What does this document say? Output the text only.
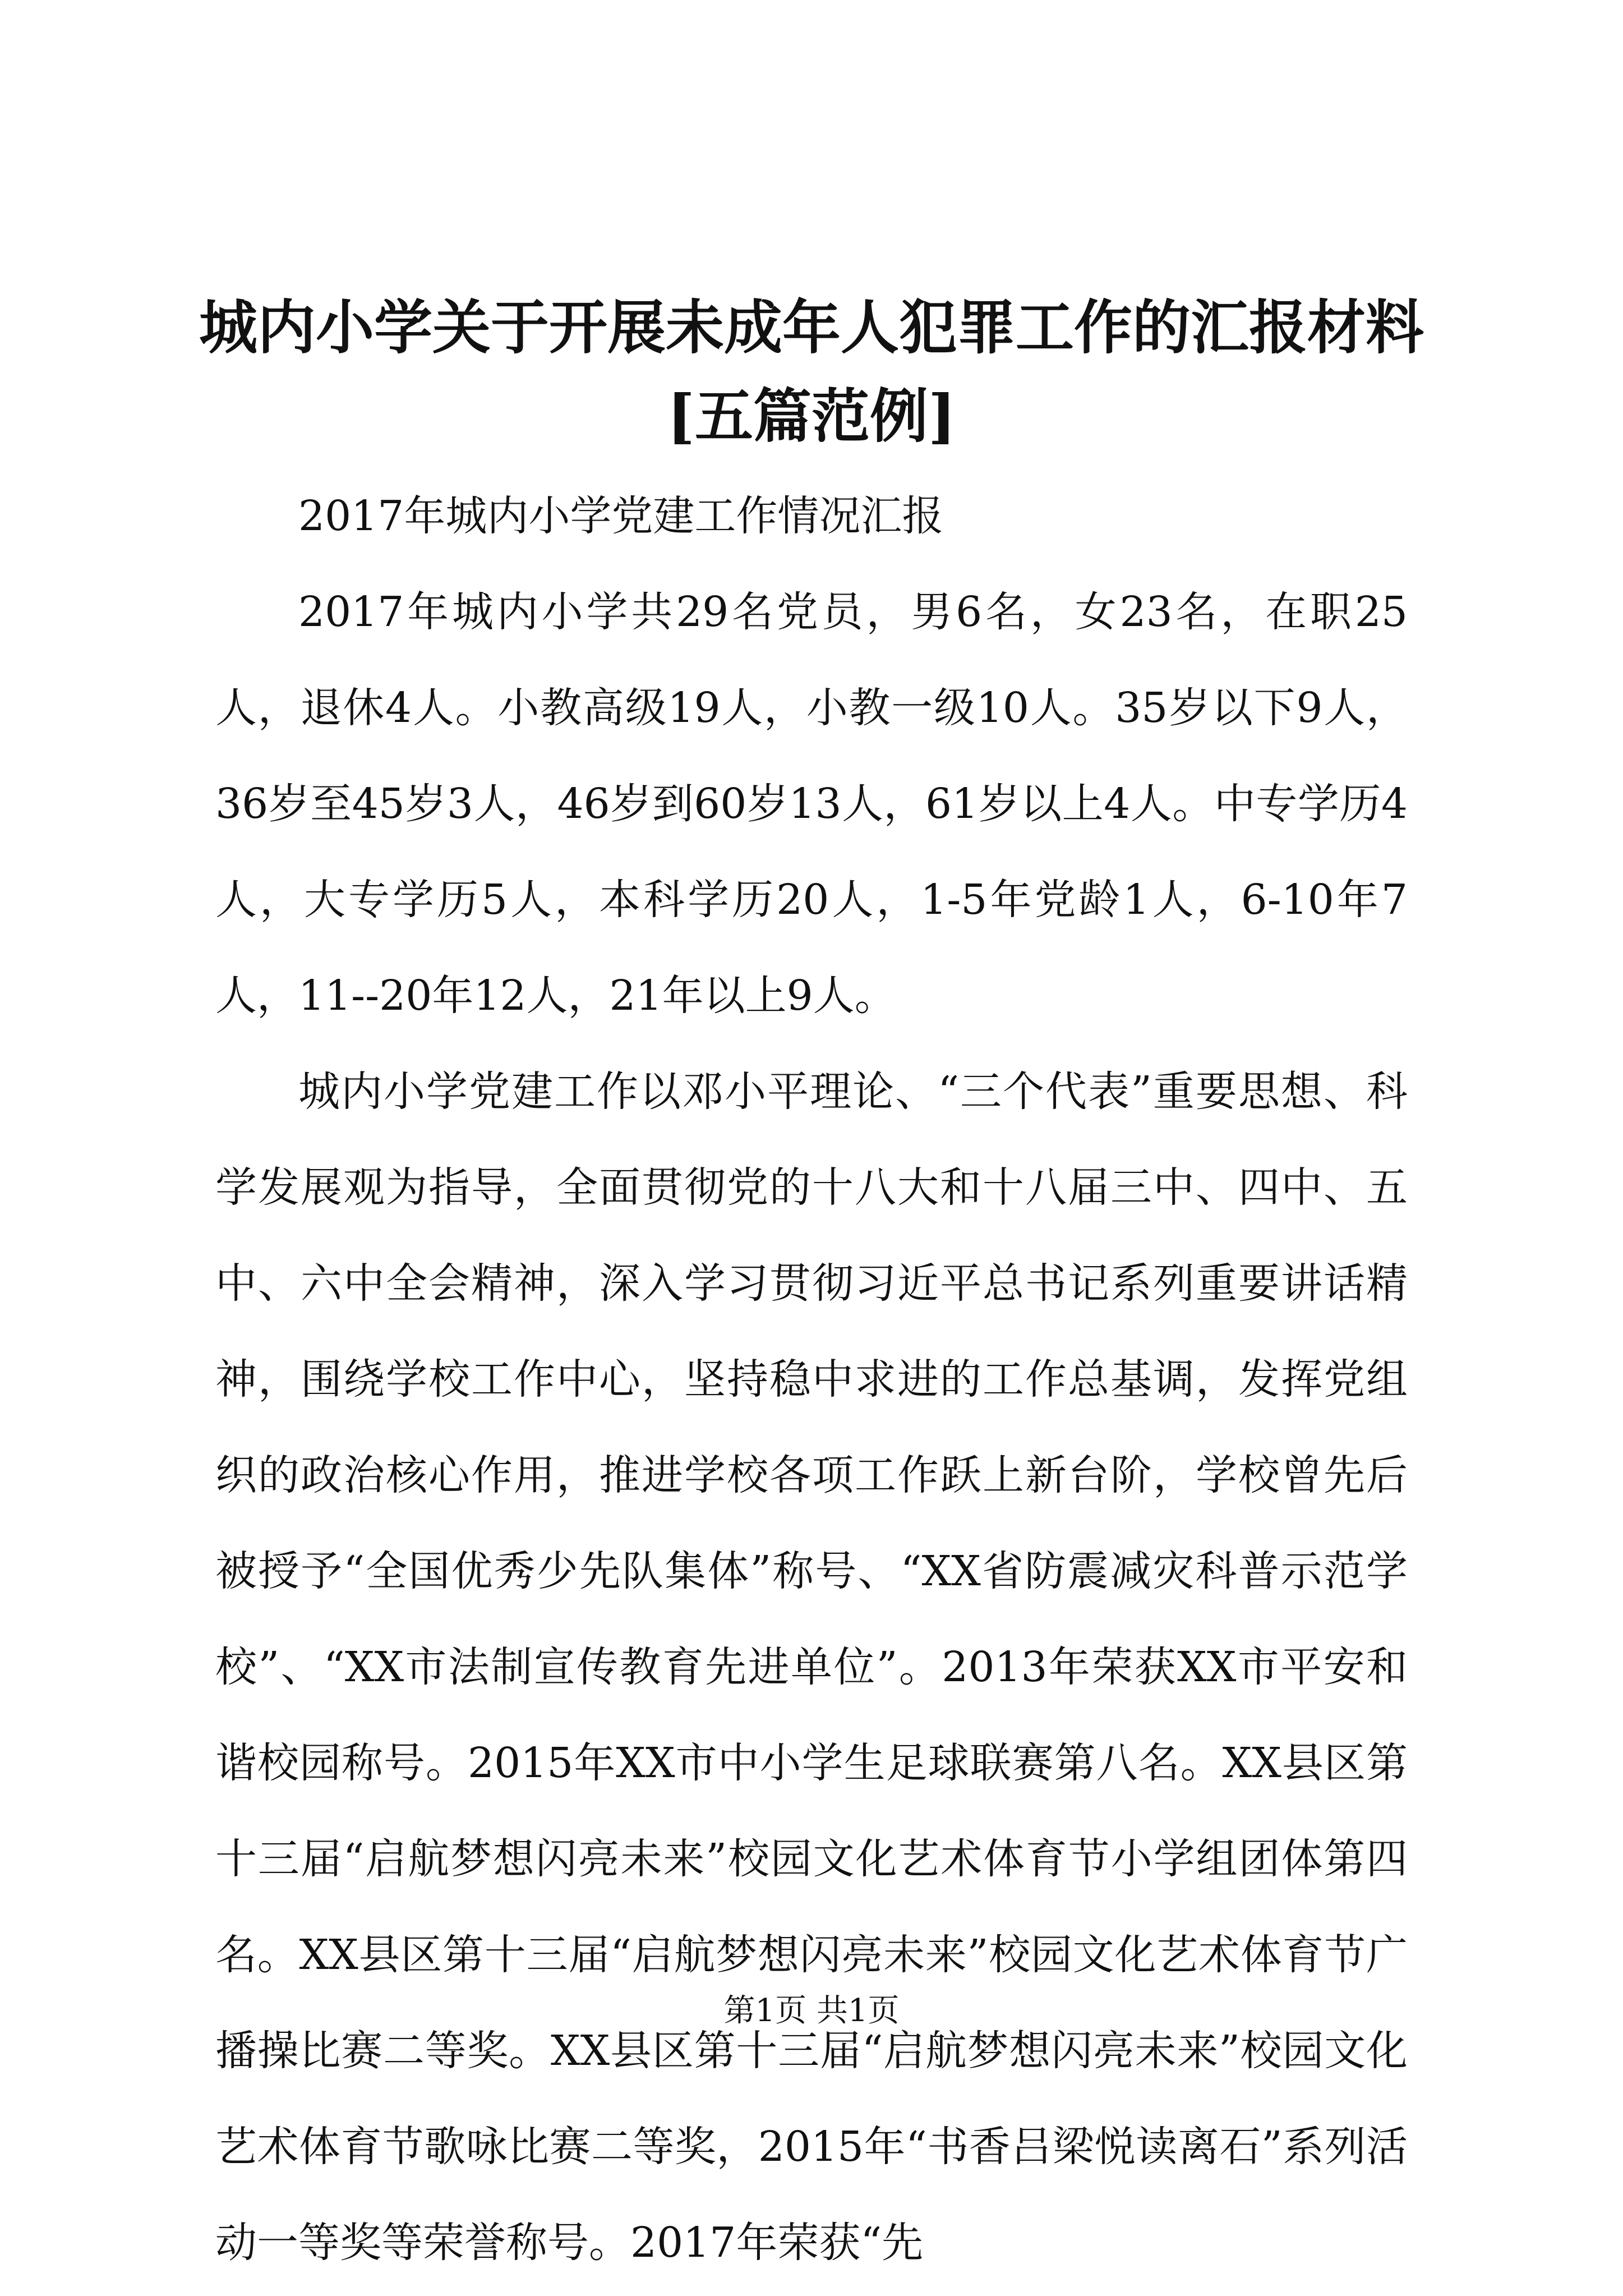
城内小学关于开展未成年人犯罪工作的汇报材料[五篇范例]

2017年城内小学党建工作情况汇报

2017年城内小学共29名党员，男6名，女23名，在职25人，退休4人。小教高级19人，小教一级10人。35岁以下9人，36岁至45岁3人，46岁到60岁13人，61岁以上4人。中专学历4人，大专学历5人，本科学历20人，1-5年党龄1人，6-10年7人，11--20年12人，21年以上9人。

城内小学党建工作以邓小平理论、“三个代表”重要思想、科学发展观为指导，全面贯彻党的十八大和十八届三中、四中、五中、六中全会精神，深入学习贯彻习近平总书记系列重要讲话精神，围绕学校工作中心，坚持稳中求进的工作总基调，发挥党组织的政治核心作用，推进学校各项工作跃上新台阶，学校曾先后被授予“全国优秀少先队集体”称号、“XX省防震减灾科普示范学校”、“XX市法制宣传教育先进单位”。2013年荣获XX市平安和谐校园称号。2015年XX市中小学生足球联赛第八名。XX县区第十三届“启航梦想闪亮未来”校园文化艺术体育节小学组团体第四名。XX县区第十三届“启航梦想闪亮未来”校园文化艺术体育节广播操比赛二等奖。XX县区第十三届“启航梦想闪亮未来”校园文化艺术体育节歌咏比赛二等奖，2015年“书香吕梁悦读离石”系列活动一等奖等荣誉称号。2017年荣获“先

第1页 共1页
